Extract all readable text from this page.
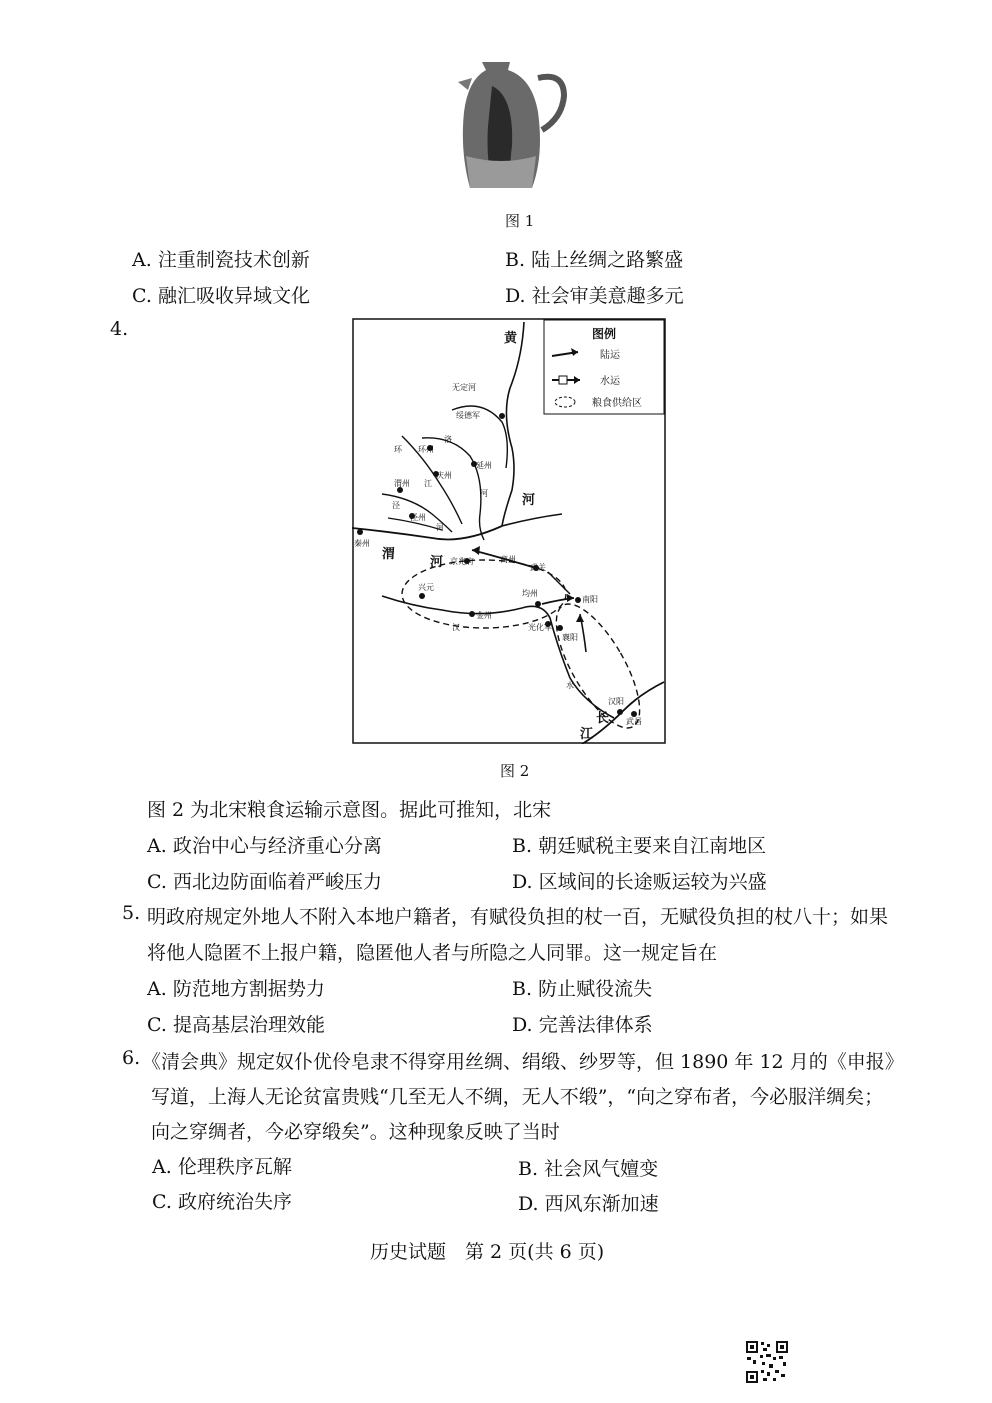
图 1
A. 注重制瓷技术创新	B. 陆上丝绸之路繁盛
C. 融汇吸收异域文化	D. 社会审美意趣多元
4.	图例
陆运
水运
粮食供给区
黄
河
渭
河
长
江
汉
水
无定河
绥德军
洛
环 环州
庆州
延州
渭州 江
河
泾
泾州
河
秦州
京兆府	商州
武关
兴元
均州
南阳
金州
光化军
襄阳
汉阳
武昌
图 2
图 2 为北宋粮食运输示意图。据此可推知，北宋
A. 政治中心与经济重心分离	B. 朝廷赋税主要来自江南地区
C. 西北边防面临着严峻压力	D. 区域间的长途贩运较为兴盛
5. 明政府规定外地人不附入本地户籍者，有赋役负担的杖一百，无赋役负担的杖八十；如果
将他人隐匿不上报户籍，隐匿他人者与所隐之人同罪。这一规定旨在
A. 防范地方割据势力	B. 防止赋役流失
C. 提高基层治理效能	D. 完善法律体系
6. 《清会典》规定奴仆优伶皂隶不得穿用丝绸、绢缎、纱罗等，但 1890 年 12 月的《申报》
写道，上海人无论贫富贵贱“几至无人不绸，无人不缎”，“向之穿布者，今必服洋绸矣；
向之穿绸者，今必穿缎矣”。这种现象反映了当时
A. 伦理秩序瓦解	B. 社会风气嬗变
C. 政府统治失序	D. 西风东渐加速
历史试题　第 2 页(共 6 页)
